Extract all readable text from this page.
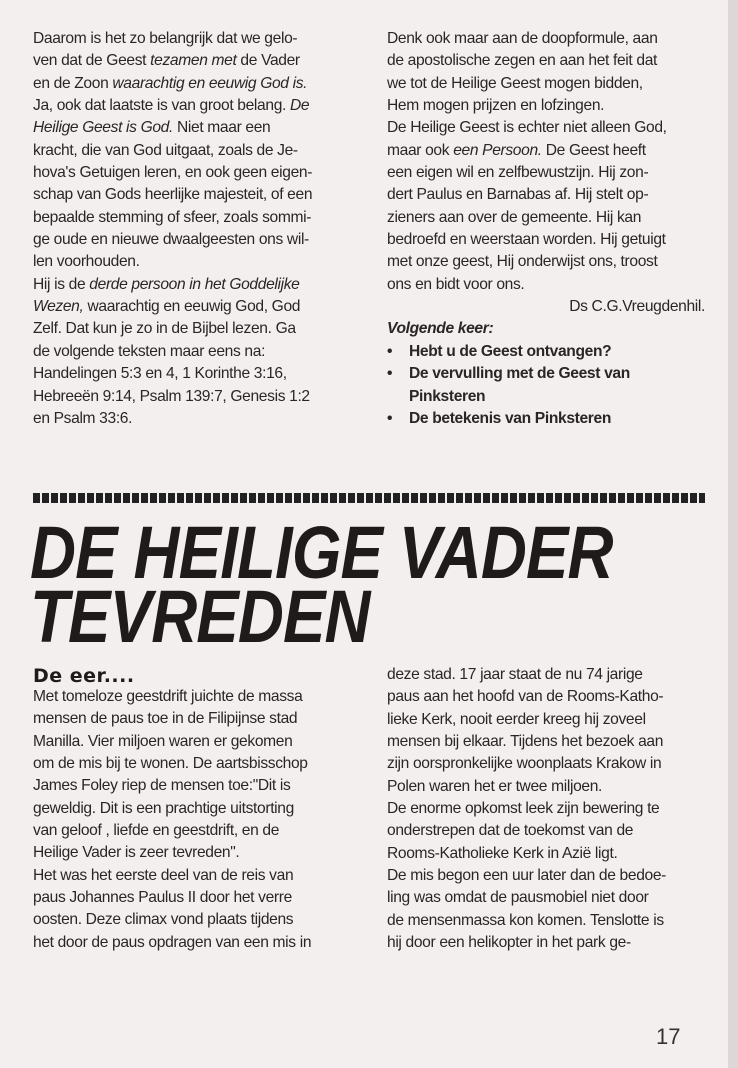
Daarom is het zo belangrijk dat we gelo-
ven dat de Geest tezamen met de Vader
en de Zoon waarachtig en eeuwig God is.
Ja, ook dat laatste is van groot belang. De
Heilige Geest is God. Niet maar een
kracht, die van God uitgaat, zoals de Je-
hova's Getuigen leren, en ook geen eigen-
schap van Gods heerlijke majesteit, of een
bepaalde stemming of sfeer, zoals sommi-
ge oude en nieuwe dwaalgeesten ons wil-
len voorhouden.
Hij is de derde persoon in het Goddelijke
Wezen, waarachtig en eeuwig God, God
Zelf. Dat kun je zo in de Bijbel lezen. Ga
de volgende teksten maar eens na:
Handelingen 5:3 en 4, 1 Korinthe 3:16,
Hebreeën 9:14, Psalm 139:7, Genesis 1:2
en Psalm 33:6.
Denk ook maar aan de doopformule, aan
de apostolische zegen en aan het feit dat
we tot de Heilige Geest mogen bidden,
Hem mogen prijzen en lofzingen.
De Heilige Geest is echter niet alleen God,
maar ook een Persoon. De Geest heeft
een eigen wil en zelfbewustzijn. Hij zon-
dert Paulus en Barnabas af. Hij stelt op-
zieners aan over de gemeente. Hij kan
bedroefd en weerstaan worden. Hij getuigt
met onze geest, Hij onderwijst ons, troost
ons en bidt voor ons.
Ds C.G.Vreugdenhil.
Volgende keer:
• Hebt u de Geest ontvangen?
• De vervulling met de Geest van
Pinksteren
• De betekenis van Pinksteren
DE HEILIGE VADER
TEVREDEN
De eer....
Met tomeloze geestdrift juichte de massa
mensen de paus toe in de Filipijnse stad
Manilla. Vier miljoen waren er gekomen
om de mis bij te wonen. De aartsbisschop
James Foley riep de mensen toe:"Dit is
geweldig. Dit is een prachtige uitstorting
van geloof , liefde en geestdrift, en de
Heilige Vader is zeer tevreden".
Het was het eerste deel van de reis van
paus Johannes Paulus II door het verre
oosten. Deze climax vond plaats tijdens
het door de paus opdragen van een mis in
deze stad. 17 jaar staat de nu 74 jarige
paus aan het hoofd van de Rooms-Katho-
lieke Kerk, nooit eerder kreeg hij zoveel
mensen bij elkaar. Tijdens het bezoek aan
zijn oorspronkelijke woonplaats Krakow in
Polen waren het er twee miljoen.
De enorme opkomst leek zijn bewering te
onderstrepen dat de toekomst van de
Rooms-Katholieke Kerk in Azië ligt.
De mis begon een uur later dan de bedoe-
ling was omdat de pausmobiel niet door
de mensenmassa kon komen. Tenslotte is
hij door een helikopter in het park ge-
17
